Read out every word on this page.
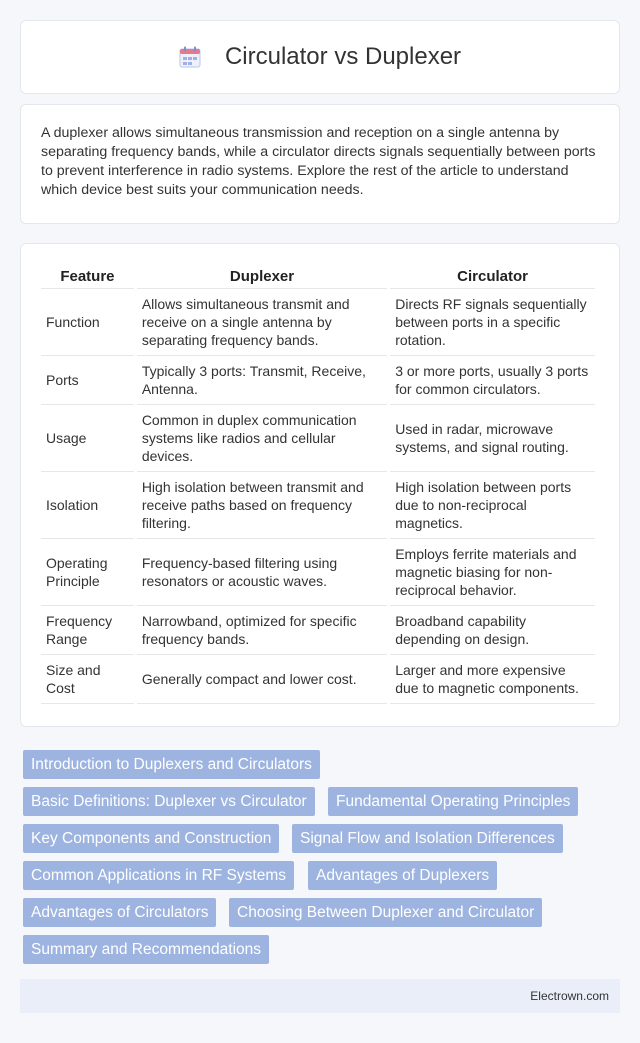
Circulator vs Duplexer

A duplexer allows simultaneous transmission and reception on a single antenna by separating frequency bands, while a circulator directs signals sequentially between ports to prevent interference in radio systems. Explore the rest of the article to understand which device best suits your communication needs.

Feature	Duplexer	Circulator
Function	Allows simultaneous transmit and receive on a single antenna by separating frequency bands.	Directs RF signals sequentially between ports in a specific rotation.
Ports	Typically 3 ports: Transmit, Receive, Antenna.	3 or more ports, usually 3 ports for common circulators.
Usage	Common in duplex communication systems like radios and cellular devices.	Used in radar, microwave systems, and signal routing.
Isolation	High isolation between transmit and receive paths based on frequency filtering.	High isolation between ports due to non-reciprocal magnetics.
Operating Principle	Frequency-based filtering using resonators or acoustic waves.	Employs ferrite materials and magnetic biasing for non-reciprocal behavior.
Frequency Range	Narrowband, optimized for specific frequency bands.	Broadband capability depending on design.
Size and Cost	Generally compact and lower cost.	Larger and more expensive due to magnetic components.
Introduction to Duplexers and Circulators
Basic Definitions: Duplexer vs Circulator	Fundamental Operating Principles
Key Components and Construction	Signal Flow and Isolation Differences
Common Applications in RF Systems	Advantages of Duplexers
Advantages of Circulators	Choosing Between Duplexer and Circulator
Summary and Recommendations
Electrown.com
